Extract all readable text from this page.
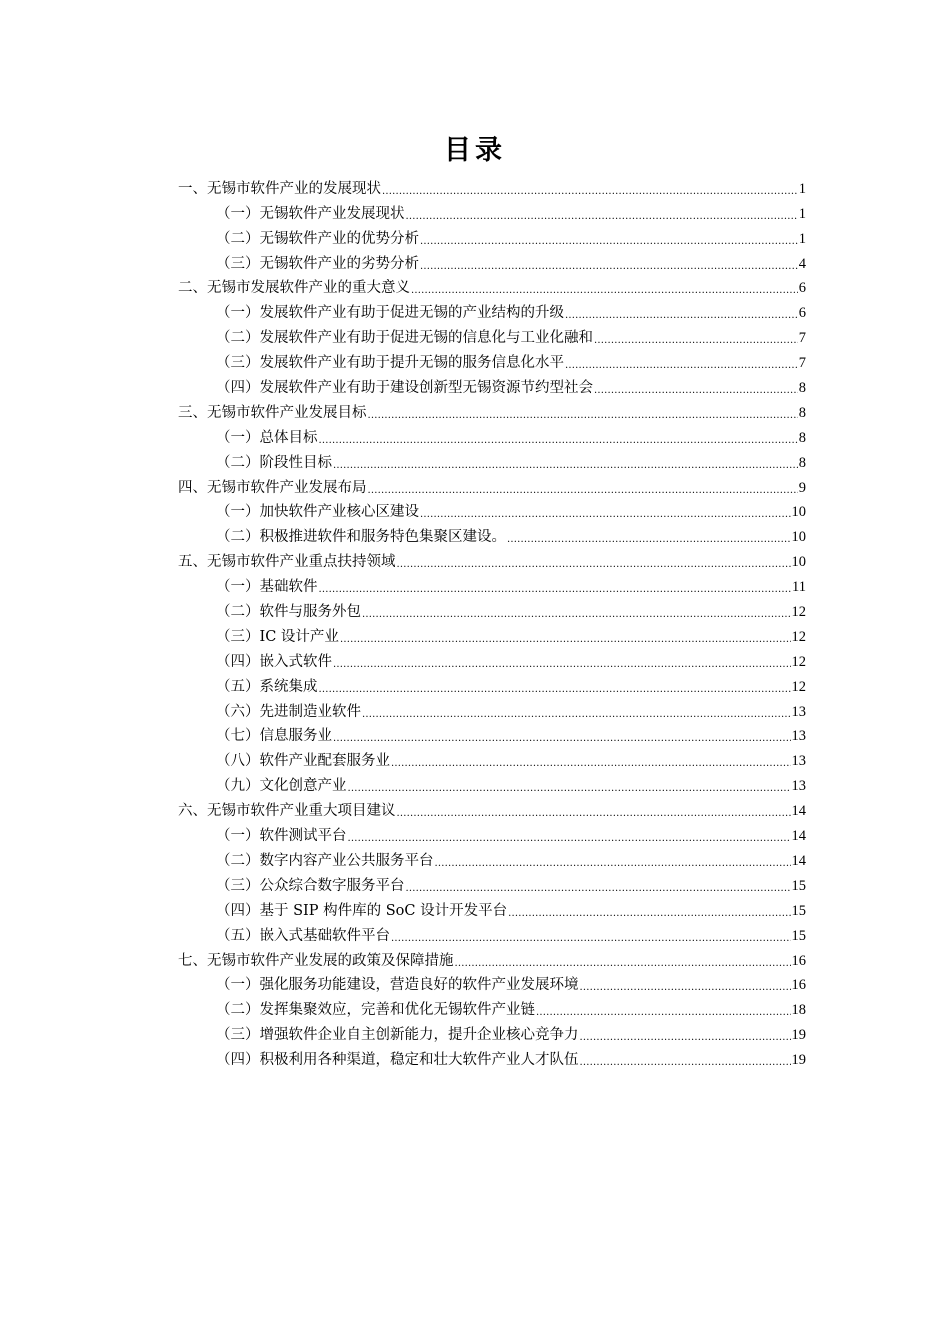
目录
一、无锡市软件产业的发展现状 .....	1
（一）无锡软件产业发展现状 .....	1
（二）无锡软件产业的优势分析 .....	1
（三）无锡软件产业的劣势分析 .....	4
二、无锡市发展软件产业的重大意义 .....	6
（一）发展软件产业有助于促进无锡的产业结构的升级 .....	6
（二）发展软件产业有助于促进无锡的信息化与工业化融和 .....	7
（三）发展软件产业有助于提升无锡的服务信息化水平 .....	7
（四）发展软件产业有助于建设创新型无锡资源节约型社会 .....	8
三、无锡市软件产业发展目标 .....	8
（一）总体目标 .....	8
（二）阶段性目标 .....	8
四、无锡市软件产业发展布局 .....	9
（一）加快软件产业核心区建设 .....	10
（二）积极推进软件和服务特色集聚区建设。 .....	10
五、无锡市软件产业重点扶持领域 .....	10
（一）基础软件 .....	11
（二）软件与服务外包 .....	12
（三）IC 设计产业 .....	12
（四）嵌入式软件 .....	12
（五）系统集成 .....	12
（六）先进制造业软件 .....	13
（七）信息服务业 .....	13
（八）软件产业配套服务业 .....	13
（九）文化创意产业 .....	13
六、无锡市软件产业重大项目建议 .....	14
（一）软件测试平台 .....	14
（二）数字内容产业公共服务平台 .....	14
（三）公众综合数字服务平台 .....	15
（四）基于 SIP 构件库的 SoC 设计开发平台 .....	15
（五）嵌入式基础软件平台 .....	15
七、无锡市软件产业发展的政策及保障措施 .....	16
（一）强化服务功能建设，营造良好的软件产业发展环境 .....	16
（二）发挥集聚效应，完善和优化无锡软件产业链 .....	18
（三）增强软件企业自主创新能力，提升企业核心竞争力 .....	19
（四）积极利用各种渠道，稳定和壮大软件产业人才队伍 .....	19
